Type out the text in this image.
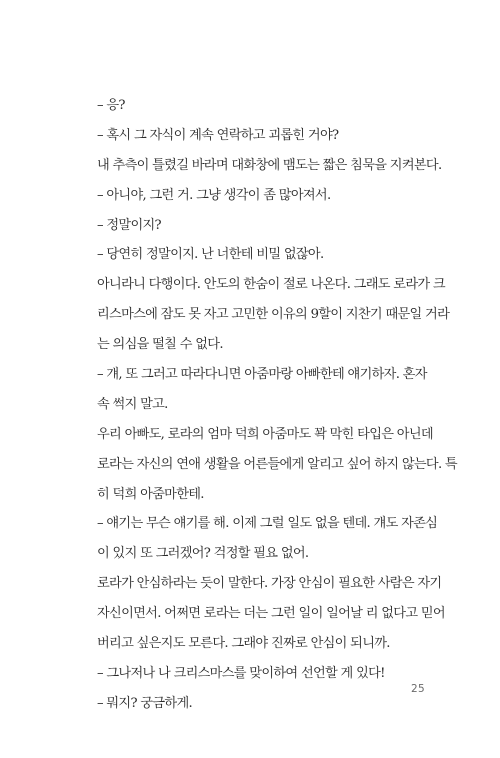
– 응?
– 혹시 그 자식이 계속 연락하고 괴롭힌 거야?
내 추측이 틀렸길 바라며 대화창에 맴도는 짧은 침묵을 지켜본다.
– 아니야, 그런 거. 그냥 생각이 좀 많아져서.
– 정말이지?
– 당연히 정말이지. 난 너한테 비밀 없잖아.
아니라니 다행이다. 안도의 한숨이 절로 나온다. 그래도 로라가 크
리스마스에 잠도 못 자고 고민한 이유의 9할이 지찬기 때문일 거라
는 의심을 떨칠 수 없다.
– 걔, 또 그러고 따라다니면 아줌마랑 아빠한테 얘기하자. 혼자
속 썩지 말고.
우리 아빠도, 로라의 엄마 덕희 아줌마도 꽉 막힌 타입은 아닌데
로라는 자신의 연애 생활을 어른들에게 알리고 싶어 하지 않는다. 특
히 덕희 아줌마한테.
– 얘기는 무슨 얘기를 해. 이제 그럴 일도 없을 텐데. 걔도 자존심
이 있지 또 그러겠어? 걱정할 필요 없어.
로라가 안심하라는 듯이 말한다. 가장 안심이 필요한 사람은 자기
자신이면서. 어쩌면 로라는 더는 그런 일이 일어날 리 없다고 믿어
버리고 싶은지도 모른다. 그래야 진짜로 안심이 되니까.
– 그나저나 나 크리스마스를 맞이하여 선언할 게 있다!
– 뭐지? 궁금하게.
25
